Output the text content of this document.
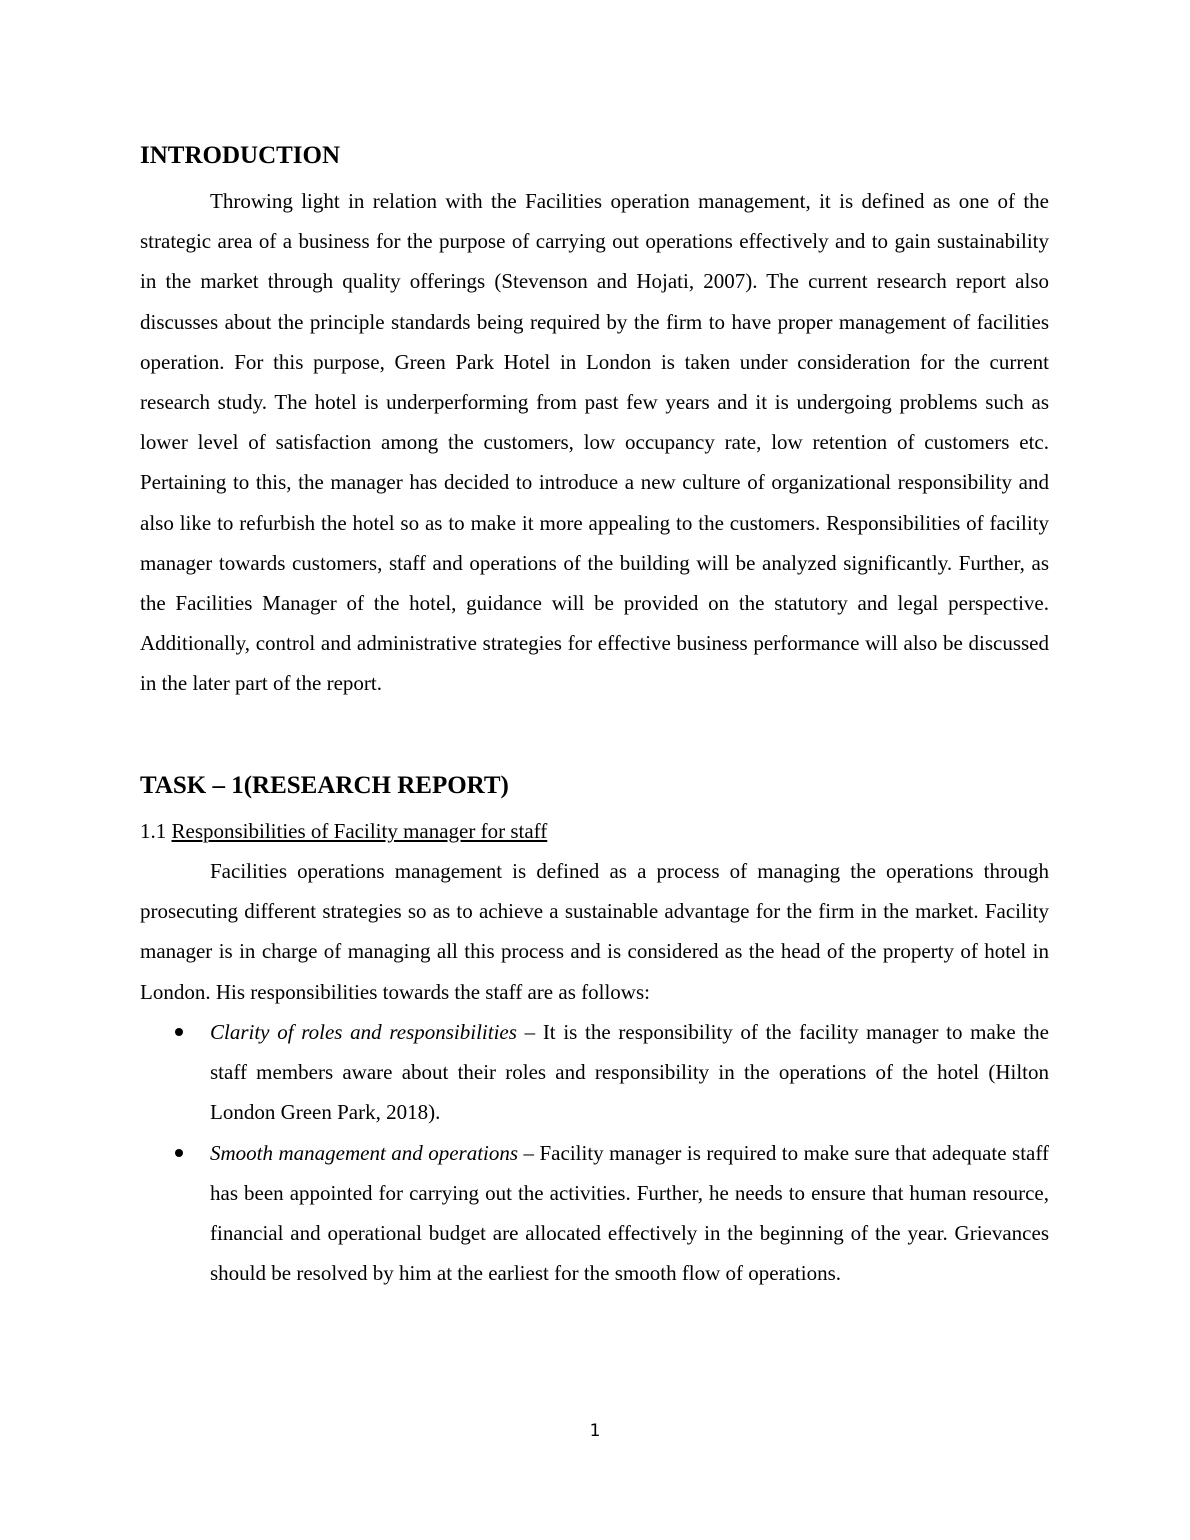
INTRODUCTION

Throwing light in relation with the Facilities operation management, it is defined as one of the strategic area of a business for the purpose of carrying out operations effectively and to gain sustainability in the market through quality offerings (Stevenson and Hojati, 2007). The current research report also discusses about the principle standards being required by the firm to have proper management of facilities operation. For this purpose, Green Park Hotel in London is taken under consideration for the current research study. The hotel is underperforming from past few years and it is undergoing problems such as lower level of satisfaction among the customers, low occupancy rate, low retention of customers etc. Pertaining to this, the manager has decided to introduce a new culture of organizational responsibility and also like to refurbish the hotel so as to make it more appealing to the customers. Responsibilities of facility manager towards customers, staff and operations of the building will be analyzed significantly. Further, as the Facilities Manager of the hotel, guidance will be provided on the statutory and legal perspective. Additionally, control and administrative strategies for effective business performance will also be discussed in the later part of the report.

TASK – 1(RESEARCH REPORT)

1.1 Responsibilities of Facility manager for staff

Facilities operations management is defined as a process of managing the operations through prosecuting different strategies so as to achieve a sustainable advantage for the firm in the market. Facility manager is in charge of managing all this process and is considered as the head of the property of hotel in London. His responsibilities towards the staff are as follows:

Clarity of roles and responsibilities – It is the responsibility of the facility manager to make the staff members aware about their roles and responsibility in the operations of the hotel (Hilton London Green Park, 2018).
Smooth management and operations – Facility manager is required to make sure that adequate staff has been appointed for carrying out the activities. Further, he needs to ensure that human resource, financial and operational budget are allocated effectively in the beginning of the year. Grievances should be resolved by him at the earliest for the smooth flow of operations.
1
